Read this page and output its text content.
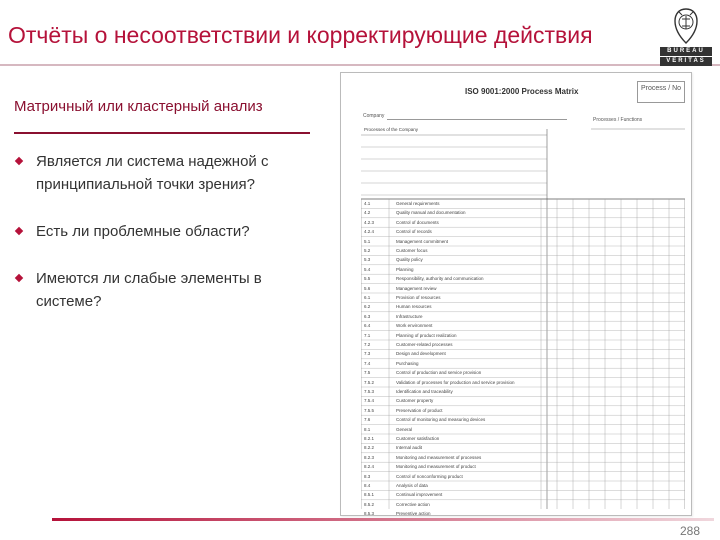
Отчёты о несоответствии и корректирующие действия
BUREAU
VERITAS
Матричный или кластерный анализ
Является ли система надежной с принципиальной точки зрения?
Есть ли проблемные области?
Имеются ли слабые элементы в системе?
ISO 9001:2000 Process Matrix	Process / No
Company
Processes / Functions
4.1	General requirements
4.2	Quality manual and documentation
4.2.3	Control of documents
4.2.4	Control of records
5.1	Management commitment
5.2	Customer focus
5.3	Quality policy
5.4	Planning
5.5	Responsibility, authority and communication
5.6	Management review
6.1	Provision of resources
6.2	Human resources
6.3	Infrastructure
6.4	Work environment
7.1	Planning of product realization
7.2	Customer-related processes
7.3	Design and development
7.4	Purchasing
7.5	Control of production and service provision
7.5.2	Validation of processes for production and service provision
7.5.3	Identification and traceability
7.5.4	Customer property
7.5.5	Preservation of product
7.6	Control of monitoring and measuring devices
8.1	General
8.2.1	Customer satisfaction
8.2.2	Internal audit
8.2.3	Monitoring and measurement of processes
8.2.4	Monitoring and measurement of product
8.3	Control of nonconforming product
8.4	Analysis of data
8.5.1	Continual improvement
8.5.2	Corrective action
8.5.3	Preventive action
Processes of the Company
288
